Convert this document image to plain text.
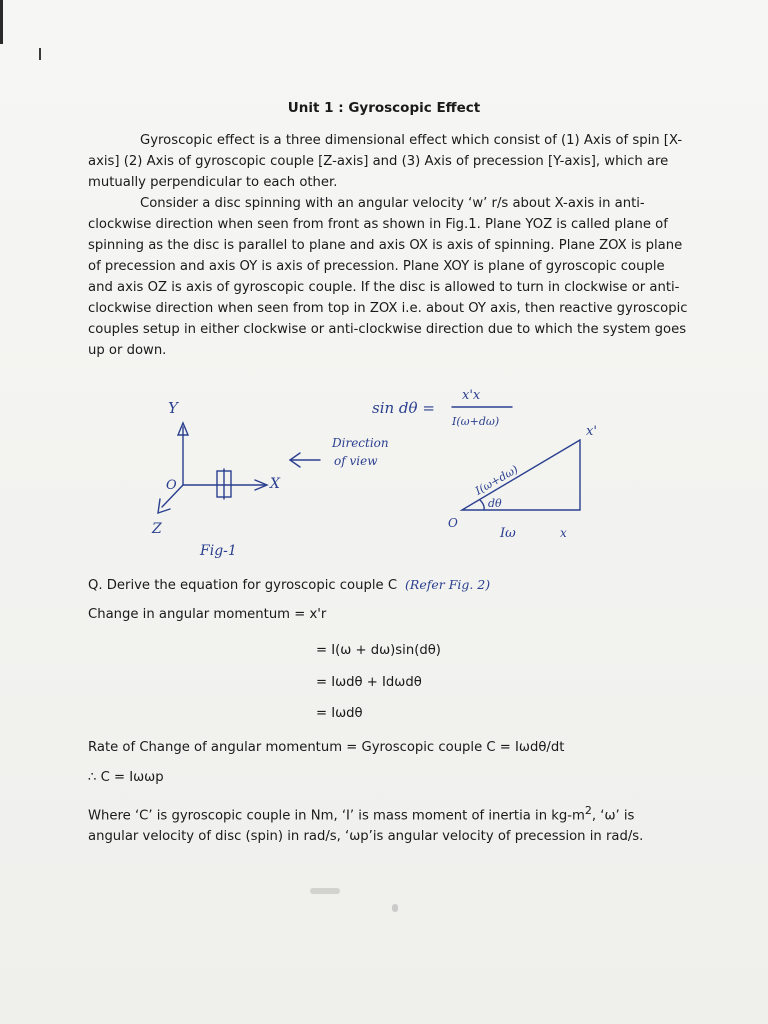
Unit 1 : Gyroscopic Effect
Gyroscopic effect is a three dimensional effect which consist of (1) Axis of spin [X-axis] (2) Axis of gyroscopic couple [Z-axis] and (3) Axis of precession [Y-axis], which are mutually perpendicular to each other.
Consider a disc spinning with an angular velocity ‘w’ r/s about X-axis in anti-clockwise direction when seen from front as shown in Fig.1. Plane YOZ is called plane of spinning as the disc is parallel to plane and axis OX is axis of spinning. Plane ZOX is plane of precession and axis OY is axis of precession. Plane XOY is plane of gyroscopic couple and axis OZ is axis of gyroscopic couple. If the disc is allowed to turn in clockwise or anti-clockwise direction when seen from top in ZOX i.e. about OY axis, then reactive gyroscopic couples setup in either clockwise or anti-clockwise direction due to which the system goes up or down.
Y
X
Z
O
Direction
of view
Fig-1
sin dθ =
x'x
I(ω+dω)
I(ω+dω)
dθ
Iω
O
x
x'
Q. Derive the equation for gyroscopic couple C (Refer Fig. 2)
Change in angular momentum = x'r
= I(ω + dω)sin(dθ)
= Iωdθ + Idωdθ
= Iωdθ
Rate of Change of angular momentum = Gyroscopic couple C = Iωdθ/dt
∴ C = Iωωp
Where ‘C’ is gyroscopic couple in Nm, ‘I’ is mass moment of inertia in $kg-m^2$, ‘ω’ is angular velocity of disc (spin) in rad/s, ‘ωp’is angular velocity of precession in rad/s.
